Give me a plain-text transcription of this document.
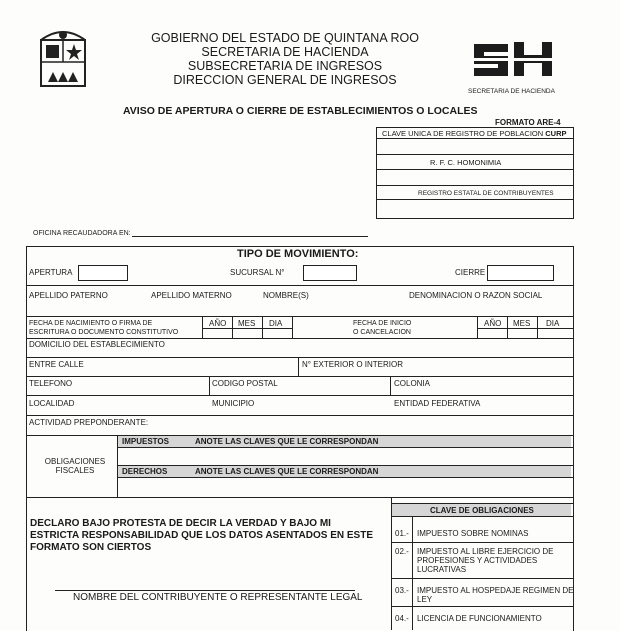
GOBIERNO DEL ESTADO DE QUINTANA ROO
SECRETARIA DE HACIENDA
SUBSECRETARIA DE INGRESOS
DIRECCION GENERAL DE INGRESOS
SECRETARIA DE HACIENDA
AVISO DE APERTURA O CIERRE DE ESTABLECIMIENTOS O LOCALES
FORMATO ARE-4
CLAVE UNICA DE REGISTRO DE POBLACION CURP
R. F. C. HOMONIMIA
REGISTRO ESTATAL DE CONTRIBUYENTES
OFICINA RECAUDADORA EN:
TIPO DE MOVIMIENTO:
APERTURA	SUCURSAL N°	CIERRE
APELLIDO PATERNO	APELLIDO MATERNO	NOMBRE(S)	DENOMINACION O RAZON SOCIAL
FECHA DE NACIMIENTO O FIRMA DE
ESCRITURA O DOCUMENTO CONSTITUTIVO
AÑO MES DIA	FECHA DE INICIO
O CANCELACION
AÑO MES DIA
DOMICILIO DEL ESTABLECIMIENTO
ENTRE CALLE	N° EXTERIOR O INTERIOR
TELEFONO	CODIGO POSTAL	COLONIA
LOCALIDAD	MUNICIPIO	ENTIDAD FEDERATIVA
ACTIVIDAD PREPONDERANTE:
OBLIGACIONES
FISCALES
IMPUESTOS	ANOTE LAS CLAVES QUE LE CORRESPONDAN
DERECHOS	ANOTE LAS CLAVES QUE LE CORRESPONDAN
DECLARO BAJO PROTESTA DE DECIR LA VERDAD Y BAJO MI
ESTRICTA RESPONSABILIDAD QUE LOS DATOS ASENTADOS EN ESTE
FORMATO SON CIERTOS
NOMBRE DEL CONTRIBUYENTE O REPRESENTANTE LEGAL
CLAVE DE OBLIGACIONES
01.- IMPUESTO SOBRE NOMINAS
02.- IMPUESTO AL LIBRE EJERCICIO DE
PROFESIONES Y ACTIVIDADES
LUCRATIVAS
03.- IMPUESTO AL HOSPEDAJE REGIMEN DE
LEY
04.- LICENCIA DE FUNCIONAMIENTO
